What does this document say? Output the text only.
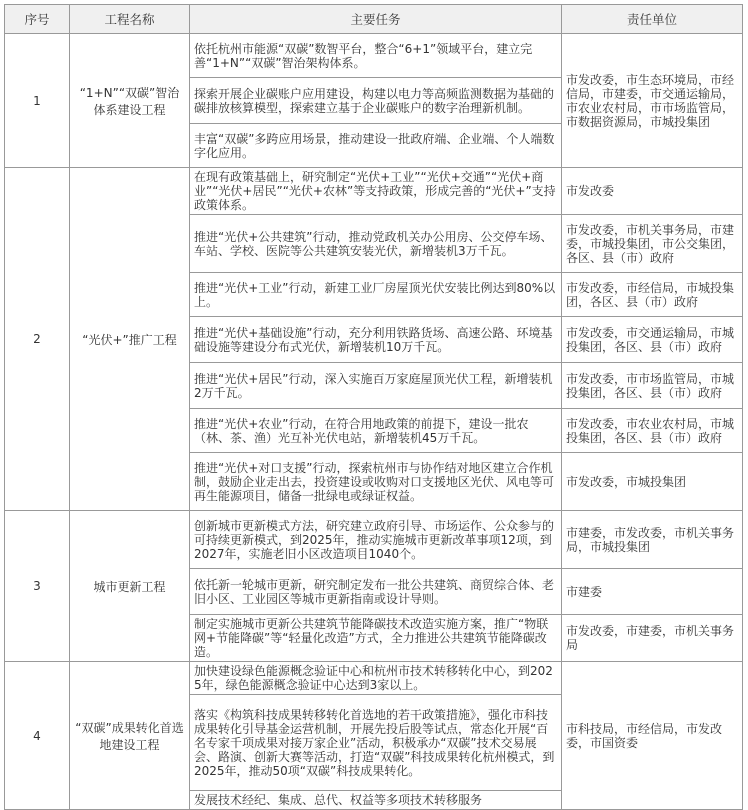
序号	工程名称	主要任务	责任单位
1	“1+N”“双碳”智治体系建设工程	依托杭州市能源“双碳”数智平台，整合“6+1”领域平台，建立完善“1+N”“双碳”智治架构体系。	市发改委，市生态环境局，市经信局，市建委，市交通运输局，市农业农村局，市市场监管局，市数据资源局，市城投集团
		探索开展企业碳账户应用建设，构建以电力等高频监测数据为基础的碳排放核算模型，探索建立基于企业碳账户的数字治理新机制。	
		丰富“双碳”多跨应用场景，推动建设一批政府端、企业端、个人端数字化应用。	
2	“光伏+”推广工程	在现有政策基础上，研究制定“光伏+工业”“光伏+交通”“光伏+商业”“光伏+居民”“光伏+农林”等支持政策，形成完善的“光伏+”支持政策体系。	市发改委
		推进“光伏+公共建筑”行动，推动党政机关办公用房、公交停车场、车站、学校、医院等公共建筑安装光伏，新增装机3万千瓦。	市发改委，市机关事务局，市建委，市城投集团，市公交集团，各区、县（市）政府
		推进“光伏+工业”行动，新建工业厂房屋顶光伏安装比例达到80%以上。	市发改委，市经信局，市城投集团，各区、县（市）政府
		推进“光伏+基础设施”行动，充分利用铁路货场、高速公路、环境基础设施等建设分布式光伏，新增装机10万千瓦。	市发改委，市交通运输局，市城投集团，各区、县（市）政府
		推进“光伏+居民”行动，深入实施百万家庭屋顶光伏工程，新增装机2万千瓦。	市发改委，市市场监管局，市城投集团，各区、县（市）政府
		推进“光伏+农业”行动，在符合用地政策的前提下，建设一批农（林、茶、渔）光互补光伏电站，新增装机45万千瓦。	市发改委，市农业农村局，市城投集团，各区、县（市）政府
		推进“光伏+对口支援”行动，探索杭州市与协作结对地区建立合作机制，鼓励企业走出去，投资建设或收购对口支援地区光伏、风电等可再生能源项目，储备一批绿电或绿证权益。	市发改委，市城投集团
3	城市更新工程	创新城市更新模式方法，研究建立政府引导、市场运作、公众参与的可持续更新模式，到2025年，推动实施城市更新改革事项12项，到2027年，实施老旧小区改造项目1040个。	市建委，市发改委，市机关事务局，市城投集团
		依托新一轮城市更新，研究制定发布一批公共建筑、商贸综合体、老旧小区、工业园区等城市更新指南或设计导则。	市建委
		制定实施城市更新公共建筑节能降碳技术改造实施方案，推广“物联网+节能降碳”等“轻量化改造”方式，全力推进公共建筑节能降碳改造。	市发改委，市建委，市机关事务局
4	“双碳”成果转化首选地建设工程	加快建设绿色能源概念验证中心和杭州市技术转移转化中心，到2025年，绿色能源概念验证中心达到3家以上。	市科技局，市经信局，市发改委，市国资委
		落实《构筑科技成果转移转化首选地的若干政策措施》，强化市科技成果转化引导基金运营机制，开展先投后股等试点，常态化开展“百名专家千项成果对接万家企业”活动，积极承办“双碳”技术交易展会、路演、创新大赛等活动，打造“双碳”科技成果转化杭州模式，到2025年，推动50项“双碳”科技成果转化。	
		发展技术经纪、集成、总代、权益等多项技术转移服务	
